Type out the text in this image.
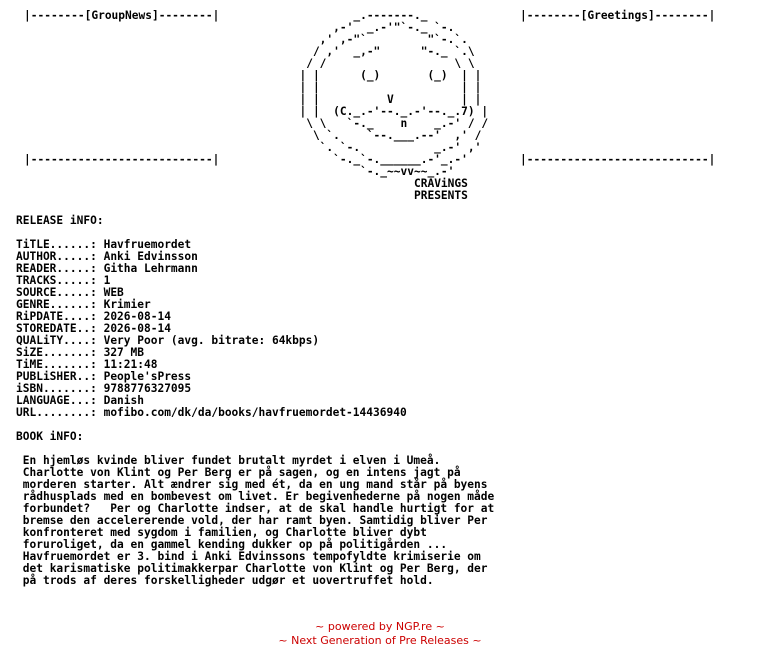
|--------[GroupNews]--------|

|---------------------------|
|--------[Greetings]--------|

|---------------------------|
_.-------._
,-'  _.-'"`-._ `-.
,' ,-"`         "`-.`.
/ ,'  _,-"      "-._ `.\
/ /                   \ \
| |      (_)       (_)  | |
| |                     | |
| |          V          | |
| |  (C._.-'--._.-'--._.7) |
\ \   `-._    n    _.-' / /
\ `.    `--.___.--'  ,' /
`. `-.           _.-' ,'
`-._`-.______.-'_.-'
`-._~~vv~~_.-'
CRAViNGS
PRESENTS
RELEASE iNFO:

TiTLE......: Havfruemordet
AUTHOR.....: Anki Edvinsson
READER.....: Githa Lehrmann
TRACKS.....: 1
SOURCE.....: WEB
GENRE......: Krimier
RiPDATE....: 2026-08-14
STOREDATE..: 2026-08-14
QUALiTY....: Very Poor (avg. bitrate: 64kbps)
SiZE.......: 327 MB
TiME.......: 11:21:48
PUBLiSHER..: People'sPress
iSBN.......: 9788776327095
LANGUAGE...: Danish
URL........: mofibo.com/dk/da/books/havfruemordet-14436940

BOOK iNFO:

En hjemløs kvinde bliver fundet brutalt myrdet i elven i Umeå.
Charlotte von Klint og Per Berg er på sagen, og en intens jagt på
morderen starter. Alt ændrer sig med ét, da en ung mand står på byens
rådhusplads med en bombevest om livet. Er begivenhederne på nogen måde
forbundet?   Per og Charlotte indser, at de skal handle hurtigt for at
bremse den accelererende vold, der har ramt byen. Samtidig bliver Per
konfronteret med sygdom i familien, og Charlotte bliver dybt
foruroliget, da en gammel kending dukker op på politigården ...
Havfruemordet er 3. bind i Anki Edvinssons tempofyldte krimiserie om
det karismatiske politimakkerpar Charlotte von Klint og Per Berg, der
på trods af deres forskelligheder udgør et uovertruffet hold.
~ powered by NGP.re ~
~ Next Generation of Pre Releases ~
